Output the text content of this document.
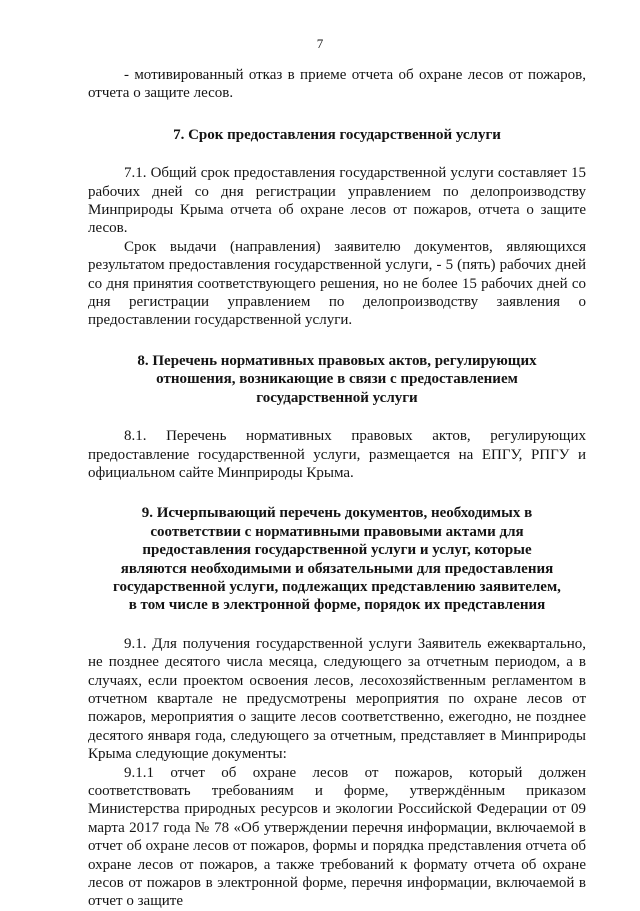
7

- мотивированный отказ в приеме отчета об охране лесов от пожаров, отчета о защите лесов.

7. Срок предоставления государственной услуги

7.1. Общий срок предоставления государственной услуги составляет 15 рабочих дней со дня регистрации управлением по делопроизводству Минприроды Крыма отчета об охране лесов от пожаров, отчета о защите лесов.

Срок выдачи (направления) заявителю документов, являющихся результатом предоставления государственной услуги, - 5 (пять) рабочих дней со дня принятия соответствующего решения, но не более 15 рабочих дней со дня регистрации управлением по делопроизводству заявления о предоставлении государственной услуги.

8. Перечень нормативных правовых актов, регулирующих
отношения, возникающие в связи с предоставлением
государственной услуги

8.1. Перечень нормативных правовых актов, регулирующих

предоставление государственной услуги, размещается на ЕПГУ, РПГУ и официальном сайте Минприроды Крыма.

9. Исчерпывающий перечень документов, необходимых в
соответствии с нормативными правовыми актами для
предоставления государственной услуги и услуг, которые
являются необходимыми и обязательными для предоставления
государственной услуги, подлежащих представлению заявителем,
в том числе в электронной форме, порядок их представления

9.1. Для получения государственной услуги Заявитель ежеквартально, не позднее десятого числа месяца, следующего за отчетным периодом, а в случаях, если проектом освоения лесов, лесохозяйственным регламентом в отчетном квартале не предусмотрены мероприятия по охране лесов от пожаров, мероприятия о защите лесов соответственно, ежегодно, не позднее десятого января года, следующего за отчетным, представляет в Минприроды Крыма следующие документы:

9.1.1 отчет об охране лесов от пожаров, который должен соответствовать требованиям и форме, утверждённым приказом Министерства природных ресурсов и экологии Российской Федерации от 09 марта 2017 года № 78 «Об утверждении перечня информации, включаемой в отчет об охране лесов от пожаров, формы и порядка представления отчета об охране лесов от пожаров, а также требований к формату отчета об охране лесов от пожаров в электронной форме, перечня информации, включаемой в отчет о защите
